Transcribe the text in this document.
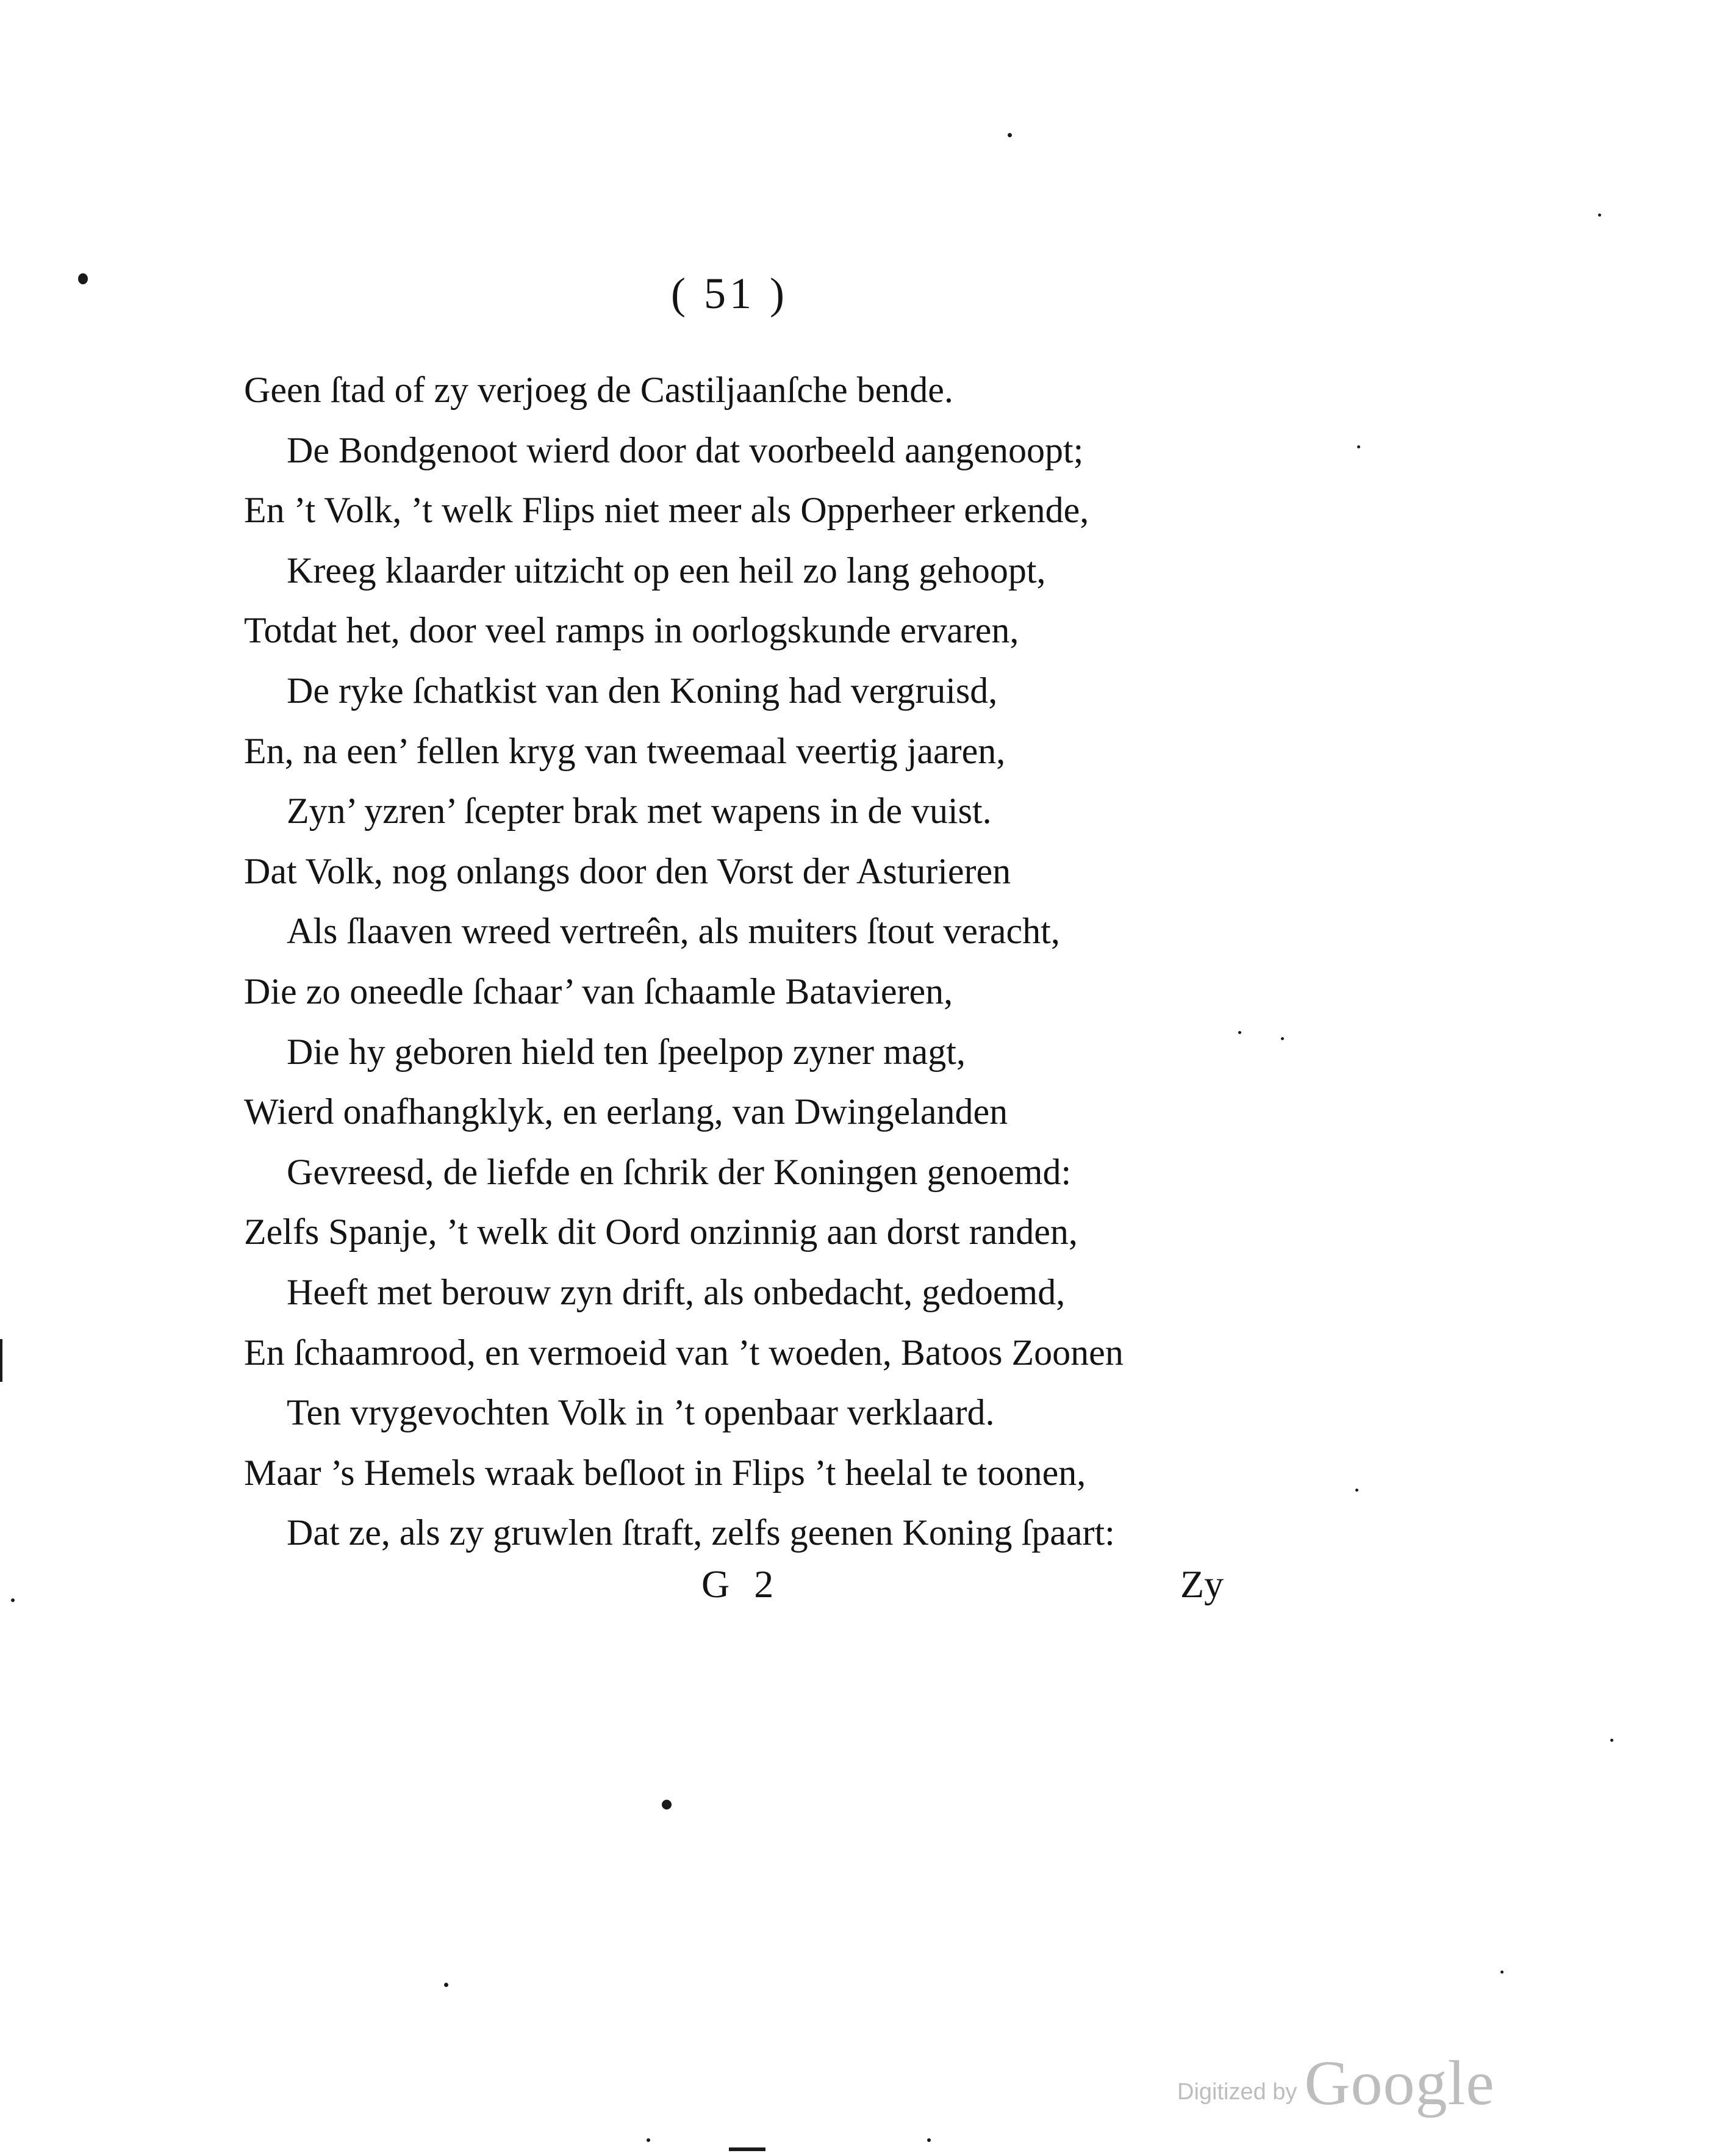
( 51 )
Geen ſtad of zy verjoeg de Castiljaanſche bende.
De Bondgenoot wierd door dat voorbeeld aangenoopt;
En ’t Volk, ’t welk Flips niet meer als Opperheer erkende,
Kreeg klaarder uitzicht op een heil zo lang gehoopt,
Totdat het, door veel ramps in oorlogskunde ervaren,
De ryke ſchatkist van den Koning had vergruisd,
En, na een’ fellen kryg van tweemaal veertig jaaren,
Zyn’ yzren’ ſcepter brak met wapens in de vuist.
Dat Volk, nog onlangs door den Vorst der Asturieren
Als ſlaaven wreed vertreên, als muiters ſtout veracht,
Die zo oneedle ſchaar’ van ſchaamle Batavieren,
Die hy geboren hield ten ſpeelpop zyner magt,
Wierd onafhangklyk, en eerlang, van Dwingelanden
Gevreesd, de liefde en ſchrik der Koningen genoemd:
Zelfs Spanje, ’t welk dit Oord onzinnig aan dorst randen,
Heeft met berouw zyn drift, als onbedacht, gedoemd,
En ſchaamrood, en vermoeid van ’t woeden, Batoos Zoonen
Ten vrygevochten Volk in ’t openbaar verklaard.
Maar ’s Hemels wraak beſloot in Flips ’t heelal te toonen,
Dat ze, als zy gruwlen ſtraft, zelfs geenen Koning ſpaart:
G 2	Zy
Digitized by Google
